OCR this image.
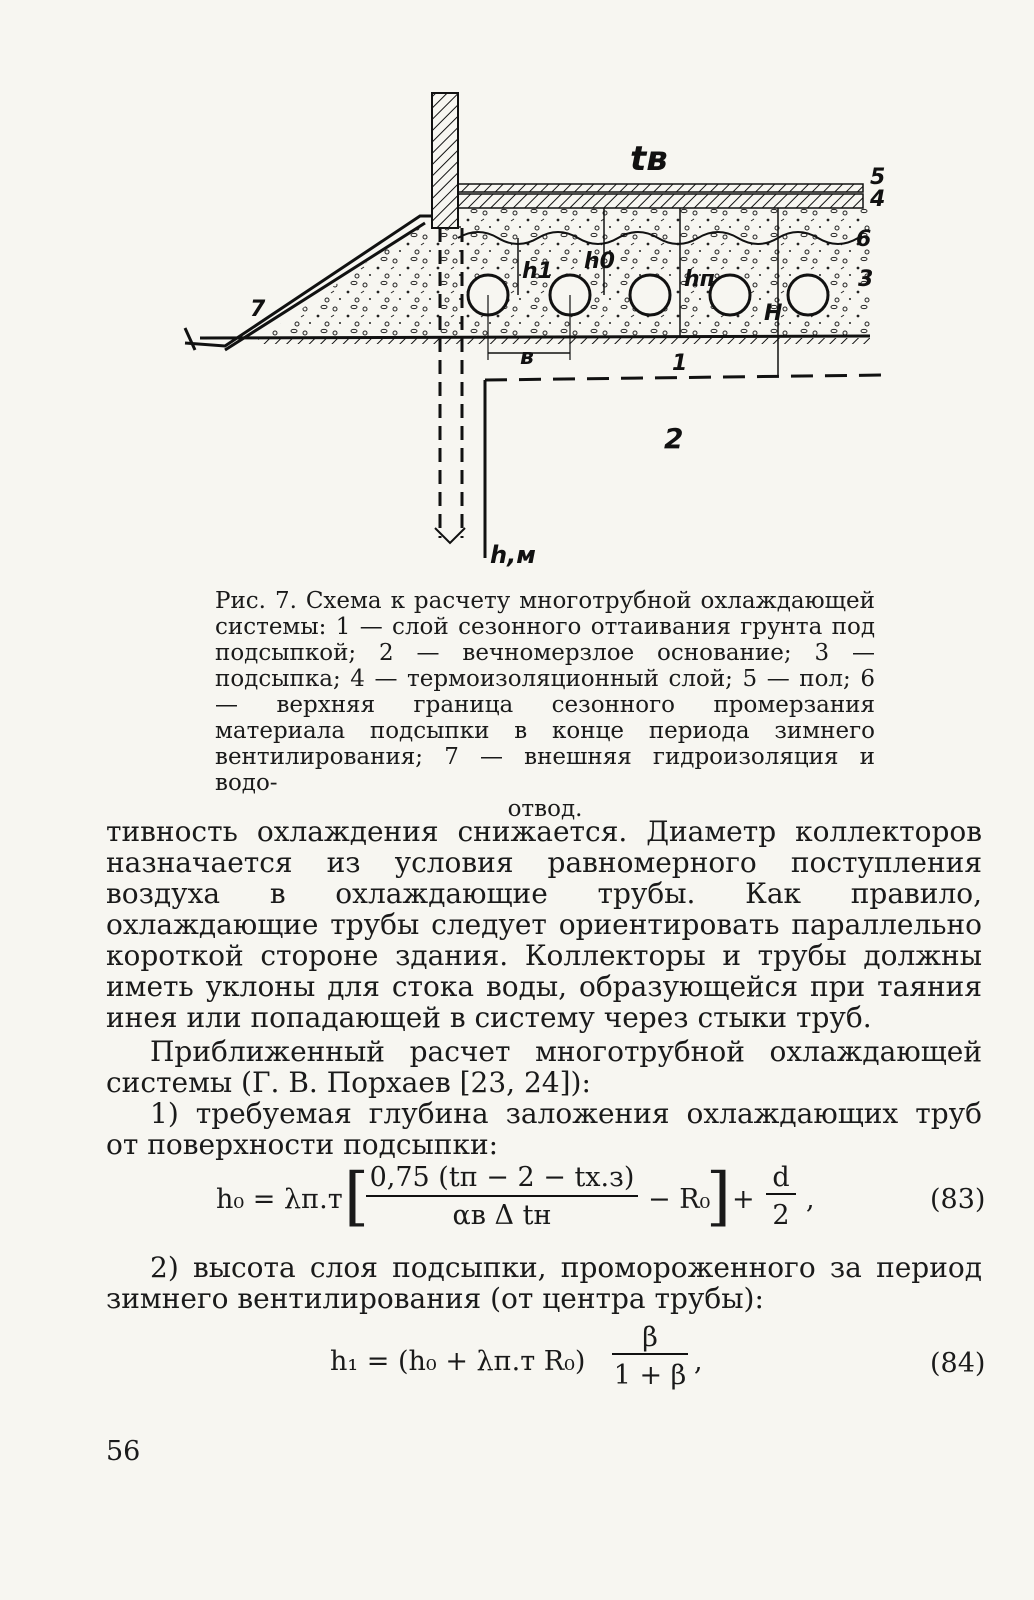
tв	5
4
6
3
7
1
2
h1 h0
hп
H
в
h,м
Рис. 7. Схема к расчету многотрубной охлаждающей системы: 1 — слой сезонного оттаивания грунта под подсыпкой; 2 — вечномерзлое основание; 3 — подсыпка; 4 — термоизоляционный слой; 5 — пол; 6 — верхняя граница сезонного промерзания материала подсыпки в конце периода зимнего вентилирования; 7 — внешняя гидроизоляция и водо-
отвод.
тивность охлаждения снижается. Диаметр коллекторов назначается из условия равномерного поступления воздуха в охлаждающие трубы. Как правило, охлаждающие трубы следует ориентировать параллельно короткой стороне здания. Коллекторы и трубы должны иметь уклоны для стока воды, образующейся при таяния инея или попадающей в систему через стыки труб.
Приближенный расчет многотрубной охлаждающей системы (Г. В. Порхаев [23, 24]):
1) требуемая глубина заложения охлаждающих труб от поверхности подсыпки:
h₀ = λп.т [ 0,75 (tп − 2 − tх.з)
αв Δ tн
− R₀
] +
d
2
,	(83)
2) высота слоя подсыпки, промороженного за период зимнего вентилирования (от центра трубы):
h₁ = (h₀ + λп.т R₀)
β
1 + β ,	(84)
56
